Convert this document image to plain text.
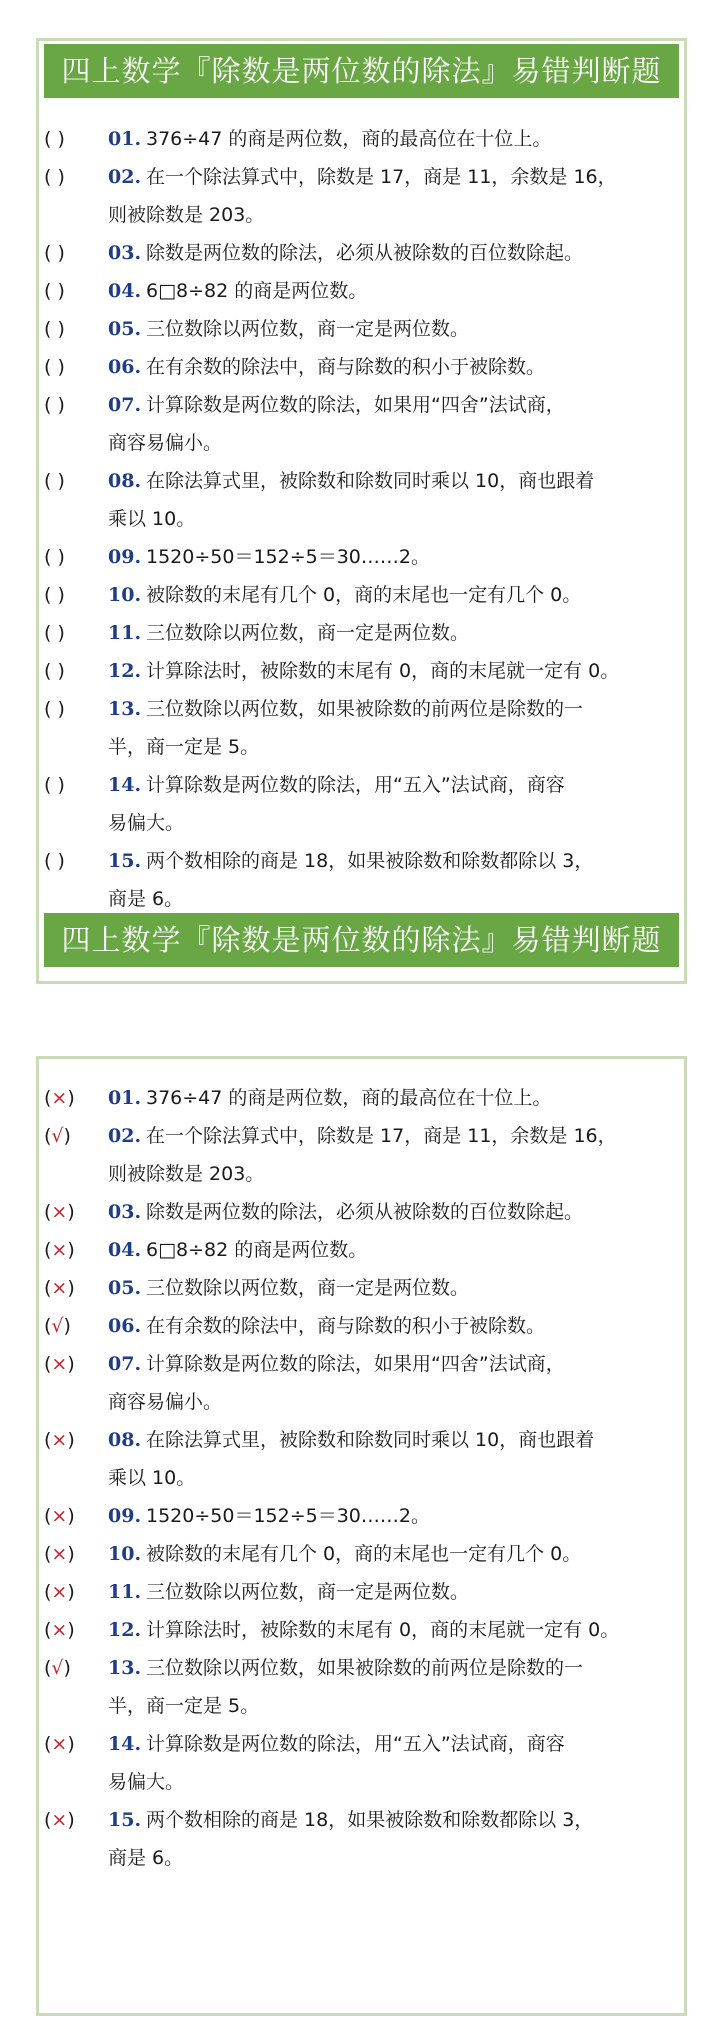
四上数学『除数是两位数的除法』易错判断题
四上数学『除数是两位数的除法』易错判断题
( )	01. 376÷47 的商是两位数，商的最高位在十位上。
( )	02. 在一个除法算式中，除数是 17，商是 11，余数是 16，
则被除数是 203。
( )	03. 除数是两位数的除法，必须从被除数的百位数除起。
( )	04. 6□8÷82 的商是两位数。
( )	05. 三位数除以两位数，商一定是两位数。
( )	06. 在有余数的除法中，商与除数的积小于被除数。
( )	07. 计算除数是两位数的除法，如果用“四舍”法试商，
商容易偏小。
( )	08. 在除法算式里，被除数和除数同时乘以 10，商也跟着
乘以 10。
( )	09. 1520÷50＝152÷5＝30……2。
( )	10. 被除数的末尾有几个 0，商的末尾也一定有几个 0。
( )	11. 三位数除以两位数，商一定是两位数。
( )	12. 计算除法时，被除数的末尾有 0，商的末尾就一定有 0。
( )	13. 三位数除以两位数，如果被除数的前两位是除数的一
半，商一定是 5。
( )	14. 计算除数是两位数的除法，用“五入”法试商，商容
易偏大。
( )	15. 两个数相除的商是 18，如果被除数和除数都除以 3，
商是 6。
(×)	01. 376÷47 的商是两位数，商的最高位在十位上。
(√)	02. 在一个除法算式中，除数是 17，商是 11，余数是 16，
则被除数是 203。
(×)	03. 除数是两位数的除法，必须从被除数的百位数除起。
(×)	04. 6□8÷82 的商是两位数。
(×)	05. 三位数除以两位数，商一定是两位数。
(√)	06. 在有余数的除法中，商与除数的积小于被除数。
(×)	07. 计算除数是两位数的除法，如果用“四舍”法试商，
商容易偏小。
(×)	08. 在除法算式里，被除数和除数同时乘以 10，商也跟着
乘以 10。
(×)	09. 1520÷50＝152÷5＝30……2。
(×)	10. 被除数的末尾有几个 0，商的末尾也一定有几个 0。
(×)	11. 三位数除以两位数，商一定是两位数。
(×)	12. 计算除法时，被除数的末尾有 0，商的末尾就一定有 0。
(√)	13. 三位数除以两位数，如果被除数的前两位是除数的一
半，商一定是 5。
(×)	14. 计算除数是两位数的除法，用“五入”法试商，商容
易偏大。
(×)	15. 两个数相除的商是 18，如果被除数和除数都除以 3，
商是 6。
